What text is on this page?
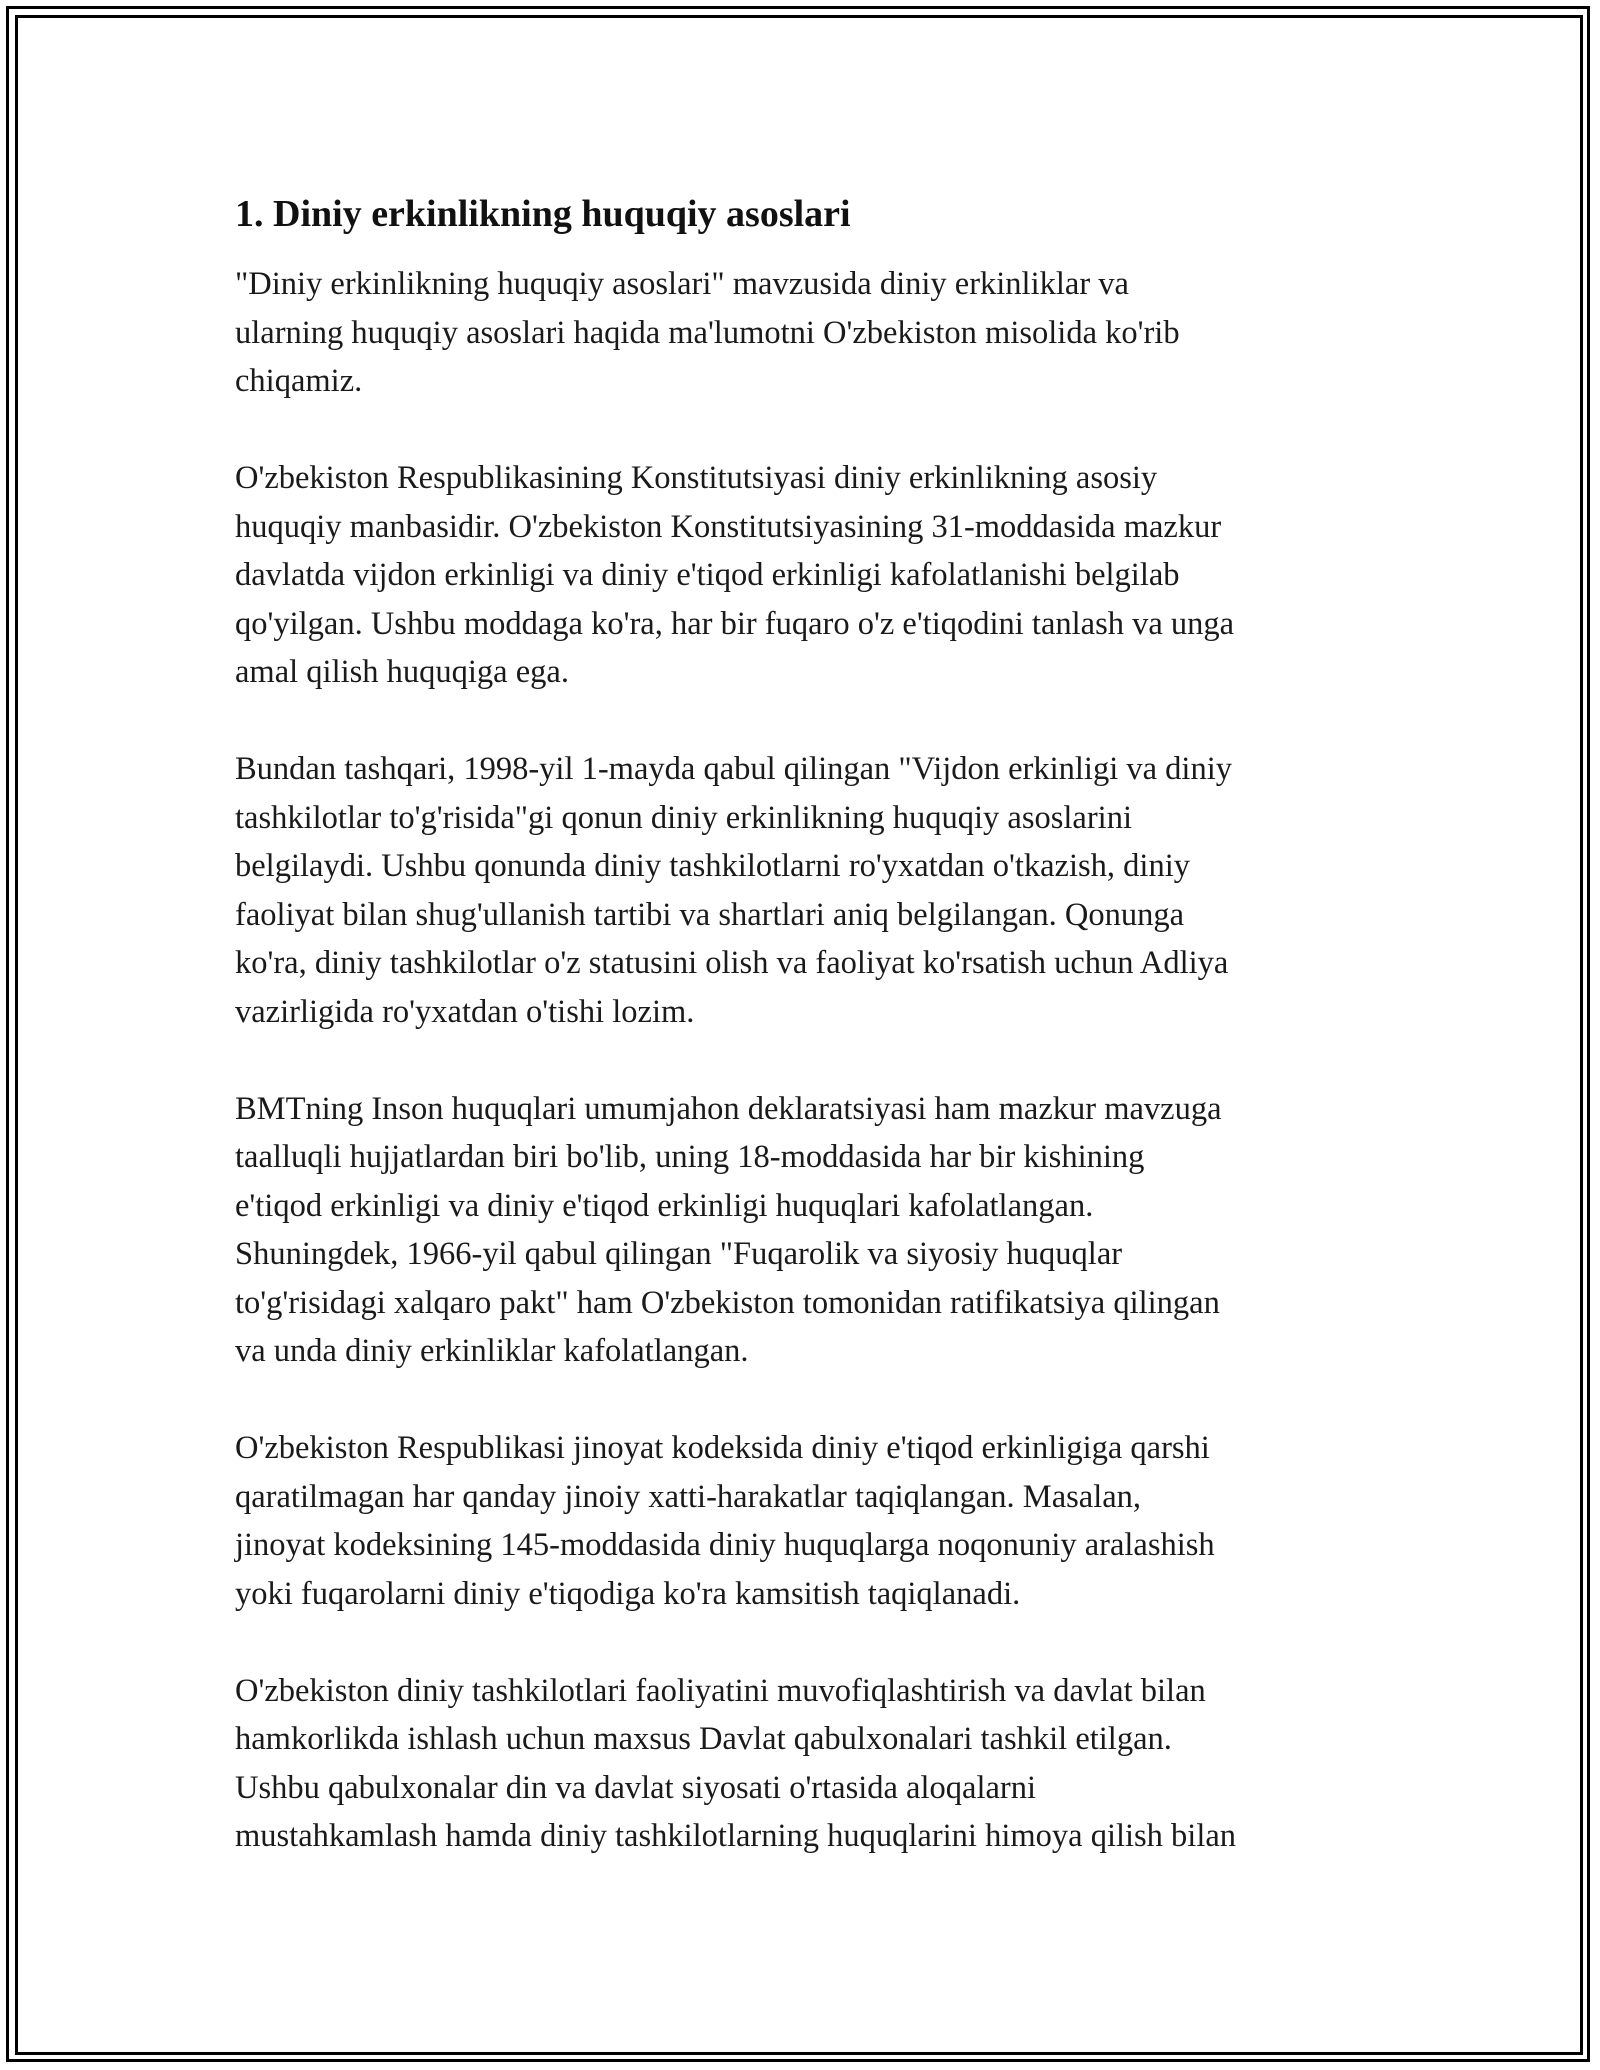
1. Diniy erkinlikning huquqiy asoslari

"Diniy erkinlikning huquqiy asoslari" mavzusida diniy erkinliklar va
ularning huquqiy asoslari haqida ma'lumotni O'zbekiston misolida ko'rib
chiqamiz.

O'zbekiston Respublikasining Konstitutsiyasi diniy erkinlikning asosiy
huquqiy manbasidir. O'zbekiston Konstitutsiyasining 31-moddasida mazkur
davlatda vijdon erkinligi va diniy e'tiqod erkinligi kafolatlanishi belgilab
qo'yilgan. Ushbu moddaga ko'ra, har bir fuqaro o'z e'tiqodini tanlash va unga
amal qilish huquqiga ega.

Bundan tashqari, 1998-yil 1-mayda qabul qilingan "Vijdon erkinligi va diniy
tashkilotlar to'g'risida"gi qonun diniy erkinlikning huquqiy asoslarini
belgilaydi. Ushbu qonunda diniy tashkilotlarni ro'yxatdan o'tkazish, diniy
faoliyat bilan shug'ullanish tartibi va shartlari aniq belgilangan. Qonunga
ko'ra, diniy tashkilotlar o'z statusini olish va faoliyat ko'rsatish uchun Adliya
vazirligida ro'yxatdan o'tishi lozim.

BMTning Inson huquqlari umumjahon deklaratsiyasi ham mazkur mavzuga
taalluqli hujjatlardan biri bo'lib, uning 18-moddasida har bir kishining
e'tiqod erkinligi va diniy e'tiqod erkinligi huquqlari kafolatlangan.
Shuningdek, 1966-yil qabul qilingan "Fuqarolik va siyosiy huquqlar
to'g'risidagi xalqaro pakt" ham O'zbekiston tomonidan ratifikatsiya qilingan
va unda diniy erkinliklar kafolatlangan.

O'zbekiston Respublikasi jinoyat kodeksida diniy e'tiqod erkinligiga qarshi
qaratilmagan har qanday jinoiy xatti-harakatlar taqiqlangan. Masalan,
jinoyat kodeksining 145-moddasida diniy huquqlarga noqonuniy aralashish
yoki fuqarolarni diniy e'tiqodiga ko'ra kamsitish taqiqlanadi.

O'zbekiston diniy tashkilotlari faoliyatini muvofiqlashtirish va davlat bilan
hamkorlikda ishlash uchun maxsus Davlat qabulxonalari tashkil etilgan.
Ushbu qabulxonalar din va davlat siyosati o'rtasida aloqalarni
mustahkamlash hamda diniy tashkilotlarning huquqlarini himoya qilish bilan
